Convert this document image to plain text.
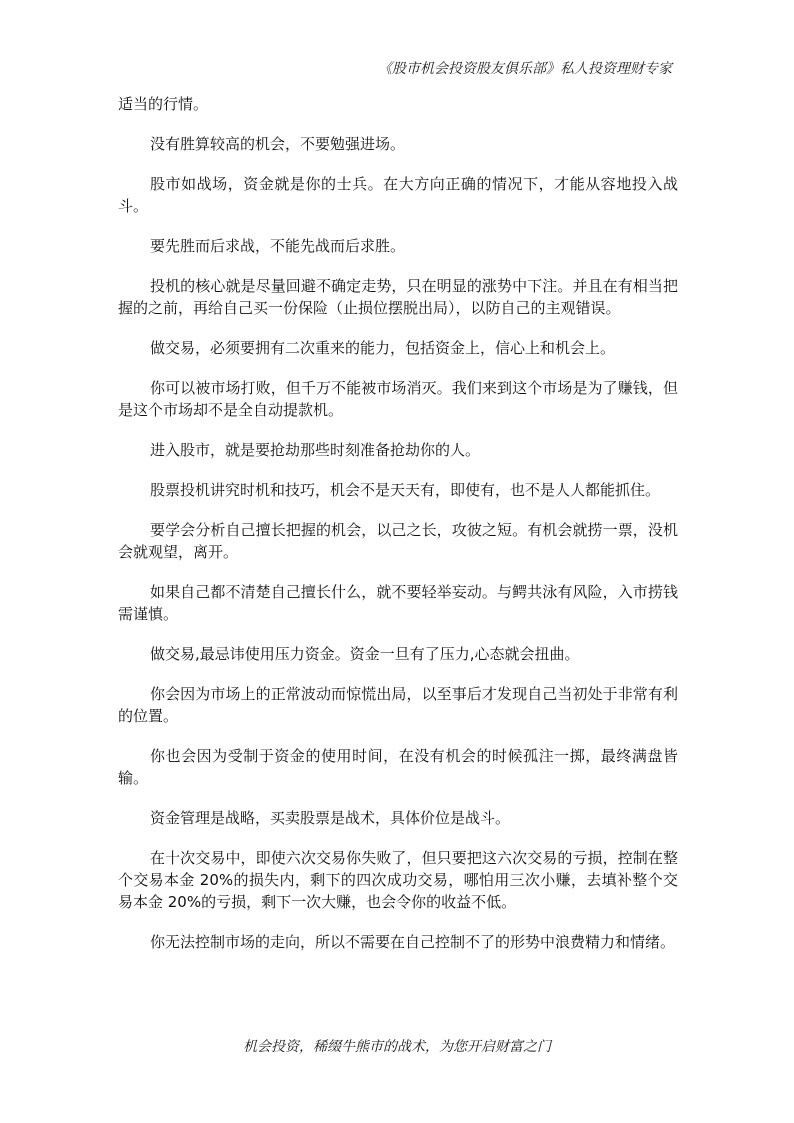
《股市机会投资股友俱乐部》私人投资理财专家

适当的行情。

没有胜算较高的机会，不要勉强进场。

股市如战场，资金就是你的士兵。在大方向正确的情况下，才能从容地投入战斗。

要先胜而后求战，不能先战而后求胜。

投机的核心就是尽量回避不确定走势，只在明显的涨势中下注。并且在有相当把握的之前，再给自己买一份保险（止损位摆脱出局），以防自己的主观错误。

做交易，必须要拥有二次重来的能力，包括资金上，信心上和机会上。

你可以被市场打败，但千万不能被市场消灭。我们来到这个市场是为了赚钱，但是这个市场却不是全自动提款机。

进入股市，就是要抢劫那些时刻准备抢劫你的人。

股票投机讲究时机和技巧，机会不是天天有，即使有，也不是人人都能抓住。

要学会分析自己擅长把握的机会，以己之长，攻彼之短。有机会就捞一票，没机会就观望，离开。

如果自己都不清楚自己擅长什么，就不要轻举妄动。与鳄共泳有风险，入市捞钱需谨慎。

做交易,最忌讳使用压力资金。资金一旦有了压力,心态就会扭曲。

你会因为市场上的正常波动而惊慌出局，以至事后才发现自己当初处于非常有利的位置。

你也会因为受制于资金的使用时间，在没有机会的时候孤注一掷，最终满盘皆输。

资金管理是战略，买卖股票是战术，具体价位是战斗。

在十次交易中，即使六次交易你失败了，但只要把这六次交易的亏损，控制在整个交易本金 20%的损失内，剩下的四次成功交易，哪怕用三次小赚，去填补整个交易本金 20%的亏损，剩下一次大赚，也会令你的收益不低。

你无法控制市场的走向，所以不需要在自己控制不了的形势中浪费精力和情绪。

机会投资，稀缀牛熊市的战术，为您开启财富之门
